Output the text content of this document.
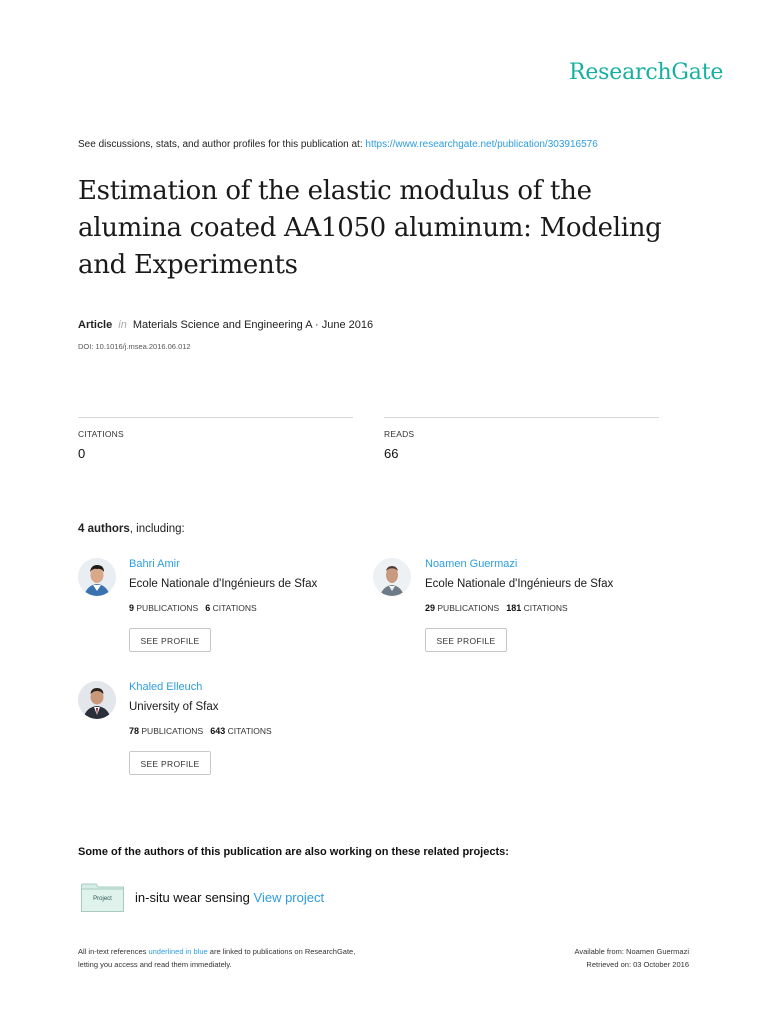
ResearchGate
See discussions, stats, and author profiles for this publication at: https://www.researchgate.net/publication/303916576
Estimation of the elastic modulus of the alumina coated AA1050 aluminum: Modeling and Experiments
Article in Materials Science and Engineering A · June 2016
DOI: 10.1016/j.msea.2016.06.012
CITATIONS
0
READS
66
4 authors, including:
Bahri Amir
Ecole Nationale d'Ingénieurs de Sfax
9 PUBLICATIONS 6 CITATIONS
SEE PROFILE
Noamen Guermazi
Ecole Nationale d'Ingénieurs de Sfax
29 PUBLICATIONS 181 CITATIONS
SEE PROFILE
Khaled Elleuch
University of Sfax
78 PUBLICATIONS 643 CITATIONS
SEE PROFILE
Some of the authors of this publication are also working on these related projects:
Project	in-situ wear sensing View project
All in-text references underlined in blue are linked to publications on ResearchGate,
letting you access and read them immediately.
Available from: Noamen Guermazi
Retrieved on: 03 October 2016
